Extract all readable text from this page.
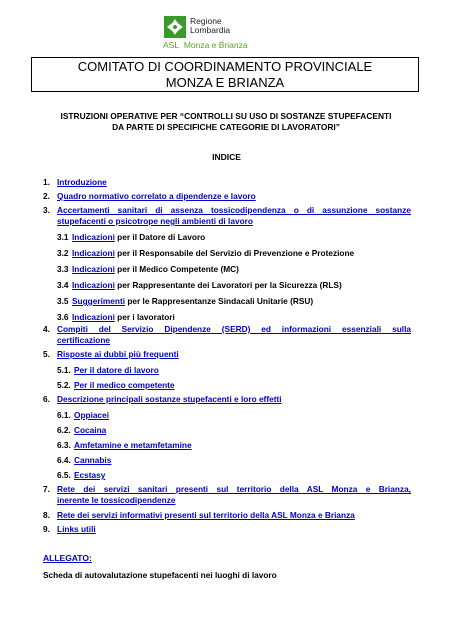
Regione
Lombardia
ASL Monza e Brianza
COMITATO DI COORDINAMENTO PROVINCIALE
MONZA E BRIANZA
ISTRUZIONI OPERATIVE PER “CONTROLLI SU USO DI SOSTANZE STUPEFACENTI
DA PARTE DI SPECIFICHE CATEGORIE DI LAVORATORI”
INDICE
1. Introduzione
2. Quadro normativo correlato a dipendenze e lavoro
3. Accertamenti sanitari di assenza tossicodipendenza o di assunzione sostanze
stupefacenti o psicotrope negli ambienti di lavoro
3.1 Indicazioni per il Datore di Lavoro
3.2 Indicazioni per il Responsabile del Servizio di Prevenzione e Protezione
3.3 Indicazioni per il Medico Competente (MC)
3.4 Indicazioni per Rappresentante dei Lavoratori per la Sicurezza (RLS)
3.5 Suggerimenti per le Rappresentanze Sindacali Unitarie (RSU)
3.6 Indicazioni per i lavoratori
4. Compiti del Servizio Dipendenze (SERD) ed informazioni essenziali sulla
certificazione
5. Risposte ai dubbi più frequenti
5.1. Per il datore di lavoro
5.2. Per il medico competente
6. Descrizione principali sostanze stupefacenti e loro effetti
6.1. Oppiacei
6.2. Cocaina
6.3. Amfetamine e metamfetamine
6.4. Cannabis
6.5. Ecstasy
7. Rete dei servizi sanitari presenti sul territorio della ASL Monza e Brianza,
inerente le tossicodipendenze
8. Rete dei servizi informativi presenti sul territorio della ASL Monza e Brianza
9. Links utili
ALLEGATO:
Scheda di autovalutazione stupefacenti nei luoghi di lavoro
